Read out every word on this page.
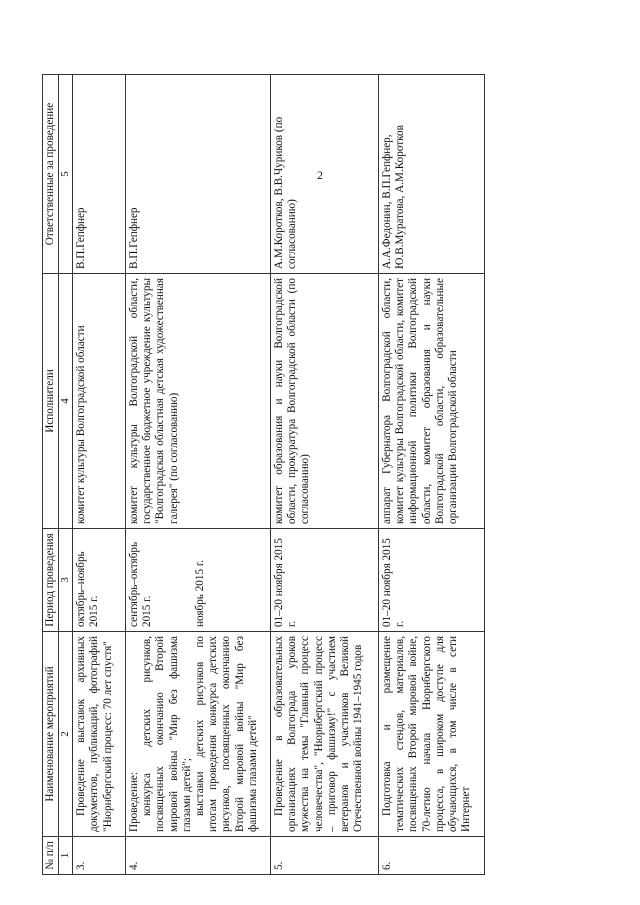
2
№ п/п	Наименование мероприятий	Период проведения	Исполнители	Ответственные за проведение
1	2	3	4	5
3.	Проведение выставок архивных документов, публикаций, фотографий "Нюрнбергский процесс: 70 лет спустя"	октябрь–ноябрь 2015 г.	комитет культуры Волгоградской области	В.П.Гепфнер
4.	Проведение: конкурса детских рисунков, посвященных окончанию Второй мировой войны "Мир без фашизма глазами детей"; выставки детских рисунков по итогам проведения конкурса детских рисунков, посвященных окончанию Второй мировой войны "Мир без фашизма глазами детей"	сентябрь–октябрь 2015 г. ноябрь 2015 г.	комитет культуры Волгоградской области, государственное бюджетное учреждение культуры "Волгоградская областная детская художественная галерея" (по согласованию)	В.П.Гепфнер
5.	Проведение в образовательных организациях Волгограда уроков мужества на темы "Главный процесс человечества", "Нюрнбергский процесс – приговор фашизму!" с участием ветеранов и участников Великой Отечественной войны 1941–1945 годов	01–20 ноября 2015 г.	комитет образования и науки Волгоградской области, прокуратура Волгоградской области (по согласованию)	А.М.Коротков, В.В.Чуриков (по согласованию)
6.	Подготовка и размещение тематических стендов, материалов, посвященных Второй мировой войне, 70-летию начала Нюрнбергского процесса, в широком доступе для обучающихся, в том числе в сети Интернет	01–20 ноября 2015 г.	аппарат Губернатора Волгоградской области, комитет культуры Волгоградской области, комитет информационной политики Волгоградской области, комитет образования и науки Волгоградской области, образовательные организации Волгоградской области	А.А.Федонин, В.П.Гепфнер, Ю.В.Муратова, А.М.Коротков
